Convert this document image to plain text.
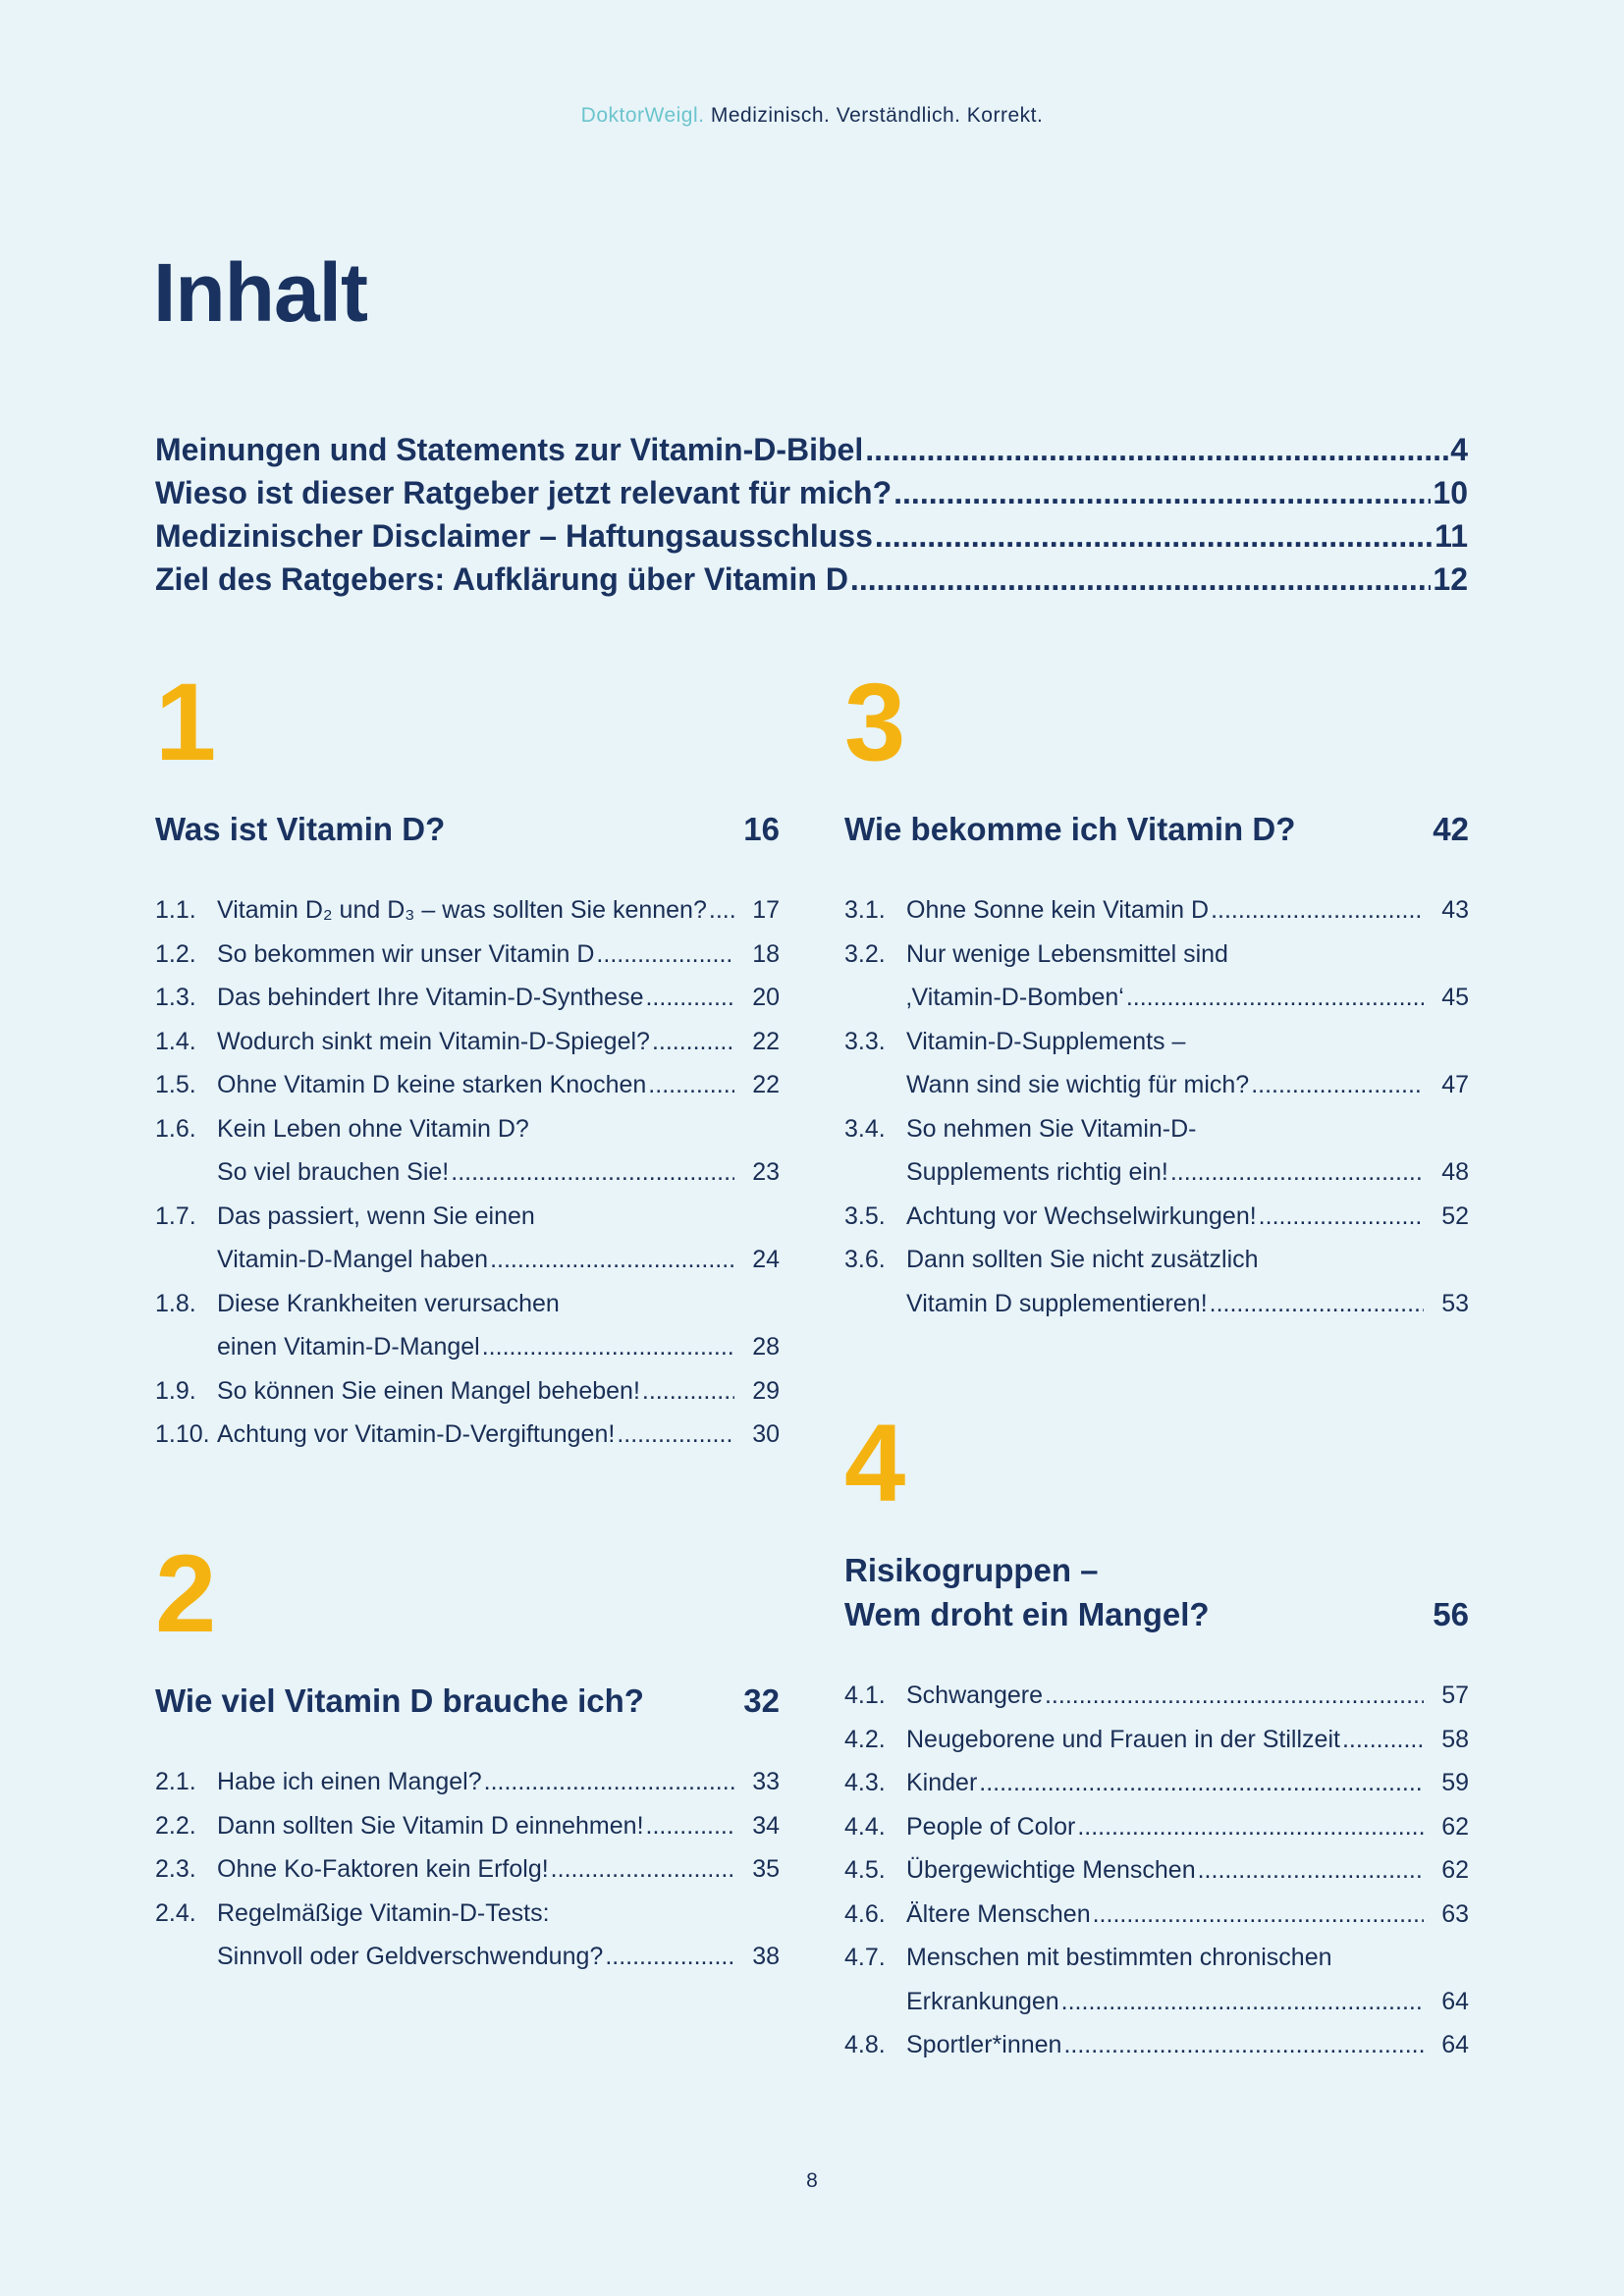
DoktorWeigl. Medizinisch. Verständlich. Korrekt.
Inhalt
Meinungen und Statements zur Vitamin-D-Bibel .....	4
Wieso ist dieser Ratgeber jetzt relevant für mich? .....	10
Medizinischer Disclaimer – Haftungsausschluss .....	11
Ziel des Ratgebers: Aufklärung über Vitamin D .....	12
1
Was ist Vitamin D?	16
1.1. Vitamin D₂ und D₃ – was sollten Sie kennen? .....	17
1.2. So bekommen wir unser Vitamin D .....	18
1.3. Das behindert Ihre Vitamin-D-Synthese .....	20
1.4. Wodurch sinkt mein Vitamin-D-Spiegel? .....	22
1.5. Ohne Vitamin D keine starken Knochen .....	22
1.6. Kein Leben ohne Vitamin D?
So viel brauchen Sie! .....	23
1.7. Das passiert, wenn Sie einen
Vitamin-D-Mangel haben .....	24
1.8. Diese Krankheiten verursachen
einen Vitamin-D-Mangel .....	28
1.9. So können Sie einen Mangel beheben! .....	29
1.10. Achtung vor Vitamin-D-Vergiftungen! .....	30
2
Wie viel Vitamin D brauche ich?	32
2.1. Habe ich einen Mangel? .....	33
2.2. Dann sollten Sie Vitamin D einnehmen! .....	34
2.3. Ohne Ko-Faktoren kein Erfolg! .....	35
2.4. Regelmäßige Vitamin-D-Tests:
Sinnvoll oder Geldverschwendung? .....	38
3
Wie bekomme ich Vitamin D?	42
3.1. Ohne Sonne kein Vitamin D .....	43
3.2. Nur wenige Lebensmittel sind
‚Vitamin-D-Bomben‘ .....	45
3.3. Vitamin-D-Supplements –
Wann sind sie wichtig für mich? .....	47
3.4. So nehmen Sie Vitamin-D-
Supplements richtig ein! .....	48
3.5. Achtung vor Wechselwirkungen! .....	52
3.6. Dann sollten Sie nicht zusätzlich
Vitamin D supplementieren! .....	53
4
Risikogruppen –
Wem droht ein Mangel?	56
4.1. Schwangere .....	57
4.2. Neugeborene und Frauen in der Stillzeit .....	58
4.3. Kinder .....	59
4.4. People of Color .....	62
4.5. Übergewichtige Menschen .....	62
4.6. Ältere Menschen .....	63
4.7. Menschen mit bestimmten chronischen
Erkrankungen .....	64
4.8. Sportler*innen .....	64
8
